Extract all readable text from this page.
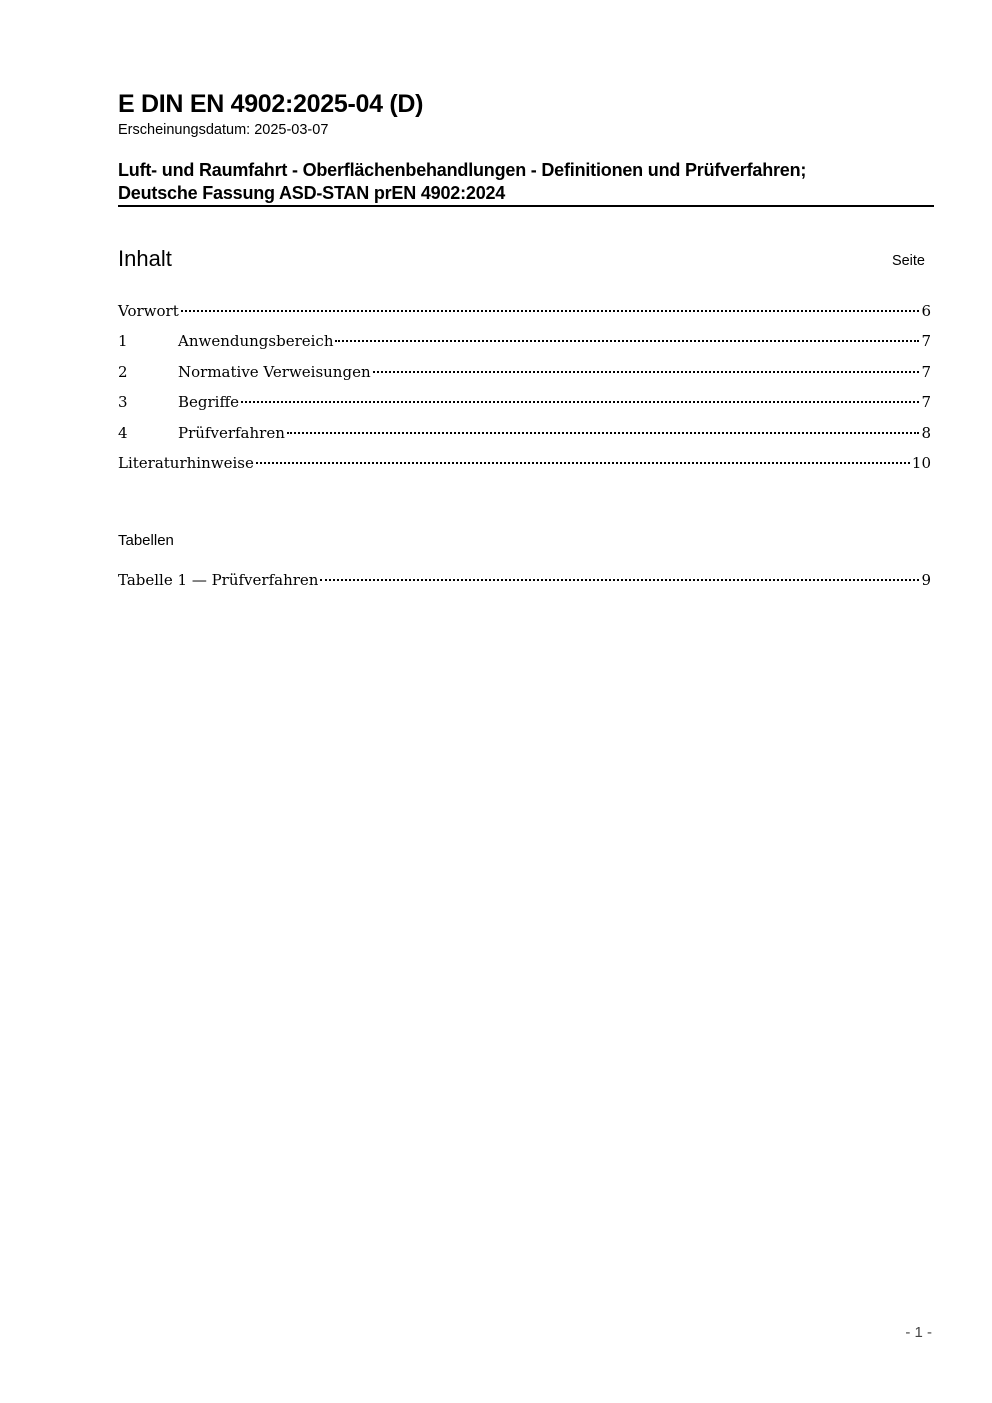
E DIN EN 4902:2025-04 (D)
Erscheinungsdatum: 2025-03-07
Luft- und Raumfahrt - Oberflächenbehandlungen - Definitionen und Prüfverfahren;
Deutsche Fassung ASD-STAN prEN 4902:2024
Inhalt	Seite
Vorwort	6
1	Anwendungsbereich	7
2	Normative Verweisungen	7
3	Begriffe	7
4	Prüfverfahren	8
Literaturhinweise	10
Tabellen
Tabelle 1 — Prüfverfahren	9
- 1 -
